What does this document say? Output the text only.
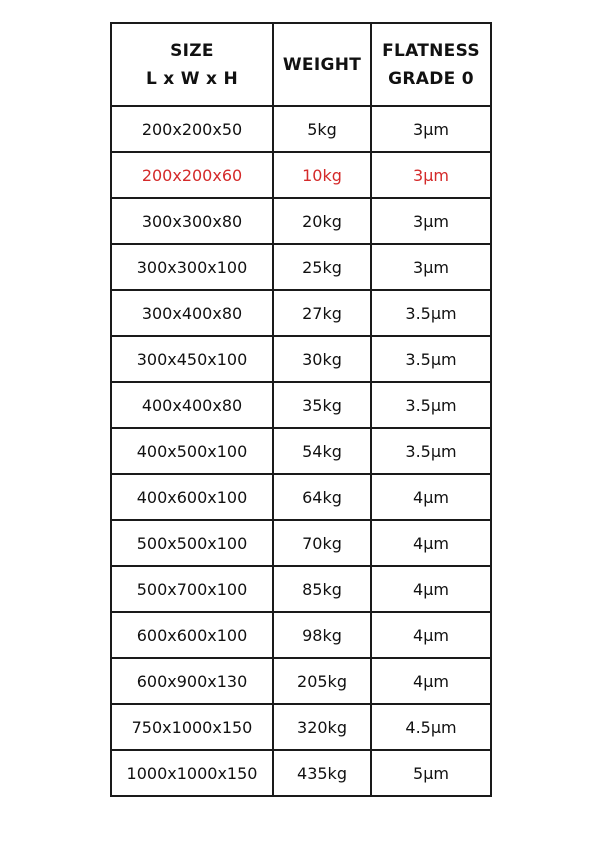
SIZE
L x W x H	WEIGHT	FLATNESS
GRADE 0

200x200x50	5kg	3μm
200x200x60	10kg	3μm
300x300x80	20kg	3μm
300x300x100	25kg	3μm
300x400x80	27kg	3.5μm
300x450x100	30kg	3.5μm
400x400x80	35kg	3.5μm
400x500x100	54kg	3.5μm
400x600x100	64kg	4μm
500x500x100	70kg	4μm
500x700x100	85kg	4μm
600x600x100	98kg	4μm
600x900x130	205kg	4μm
750x1000x150	320kg	4.5μm
1000x1000x150	435kg	5μm
